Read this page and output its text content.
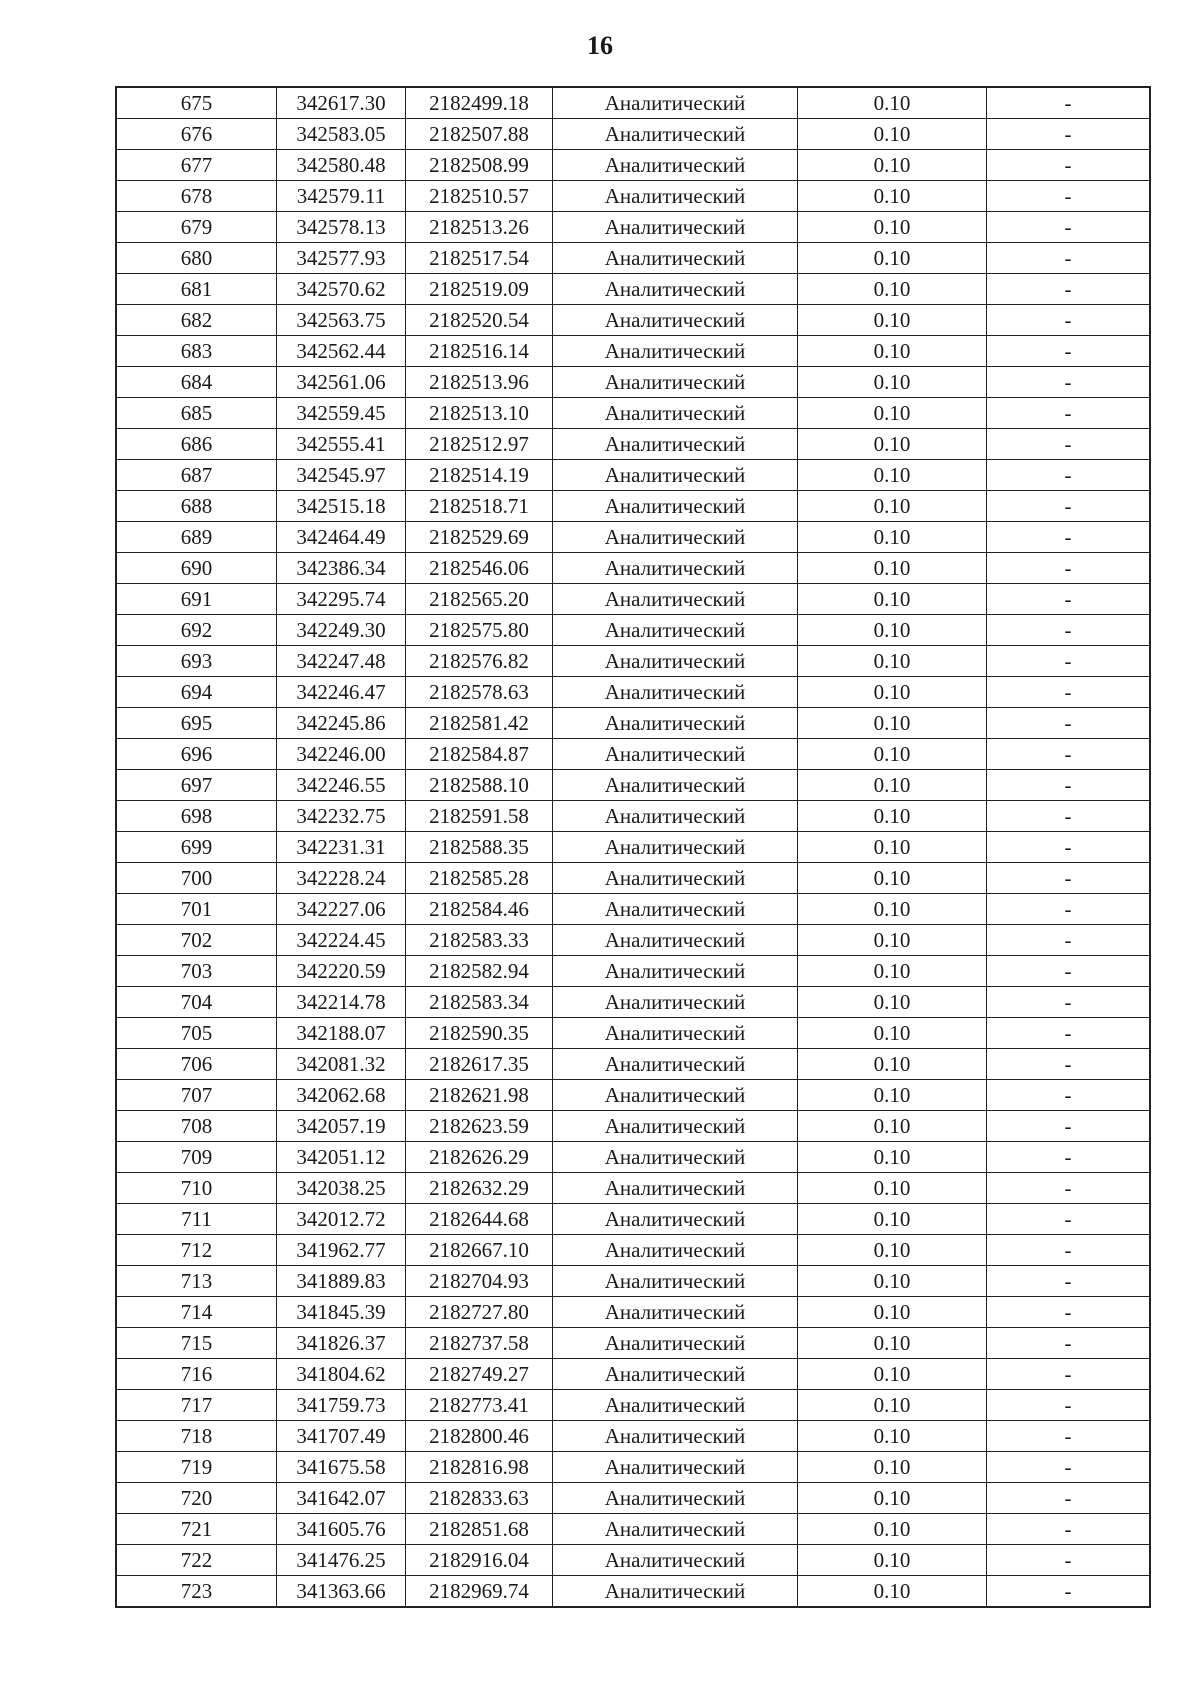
16
675	342617.30	2182499.18	Аналитический	0.10	-
676	342583.05	2182507.88	Аналитический	0.10	-
677	342580.48	2182508.99	Аналитический	0.10	-
678	342579.11	2182510.57	Аналитический	0.10	-
679	342578.13	2182513.26	Аналитический	0.10	-
680	342577.93	2182517.54	Аналитический	0.10	-
681	342570.62	2182519.09	Аналитический	0.10	-
682	342563.75	2182520.54	Аналитический	0.10	-
683	342562.44	2182516.14	Аналитический	0.10	-
684	342561.06	2182513.96	Аналитический	0.10	-
685	342559.45	2182513.10	Аналитический	0.10	-
686	342555.41	2182512.97	Аналитический	0.10	-
687	342545.97	2182514.19	Аналитический	0.10	-
688	342515.18	2182518.71	Аналитический	0.10	-
689	342464.49	2182529.69	Аналитический	0.10	-
690	342386.34	2182546.06	Аналитический	0.10	-
691	342295.74	2182565.20	Аналитический	0.10	-
692	342249.30	2182575.80	Аналитический	0.10	-
693	342247.48	2182576.82	Аналитический	0.10	-
694	342246.47	2182578.63	Аналитический	0.10	-
695	342245.86	2182581.42	Аналитический	0.10	-
696	342246.00	2182584.87	Аналитический	0.10	-
697	342246.55	2182588.10	Аналитический	0.10	-
698	342232.75	2182591.58	Аналитический	0.10	-
699	342231.31	2182588.35	Аналитический	0.10	-
700	342228.24	2182585.28	Аналитический	0.10	-
701	342227.06	2182584.46	Аналитический	0.10	-
702	342224.45	2182583.33	Аналитический	0.10	-
703	342220.59	2182582.94	Аналитический	0.10	-
704	342214.78	2182583.34	Аналитический	0.10	-
705	342188.07	2182590.35	Аналитический	0.10	-
706	342081.32	2182617.35	Аналитический	0.10	-
707	342062.68	2182621.98	Аналитический	0.10	-
708	342057.19	2182623.59	Аналитический	0.10	-
709	342051.12	2182626.29	Аналитический	0.10	-
710	342038.25	2182632.29	Аналитический	0.10	-
711	342012.72	2182644.68	Аналитический	0.10	-
712	341962.77	2182667.10	Аналитический	0.10	-
713	341889.83	2182704.93	Аналитический	0.10	-
714	341845.39	2182727.80	Аналитический	0.10	-
715	341826.37	2182737.58	Аналитический	0.10	-
716	341804.62	2182749.27	Аналитический	0.10	-
717	341759.73	2182773.41	Аналитический	0.10	-
718	341707.49	2182800.46	Аналитический	0.10	-
719	341675.58	2182816.98	Аналитический	0.10	-
720	341642.07	2182833.63	Аналитический	0.10	-
721	341605.76	2182851.68	Аналитический	0.10	-
722	341476.25	2182916.04	Аналитический	0.10	-
723	341363.66	2182969.74	Аналитический	0.10	-
